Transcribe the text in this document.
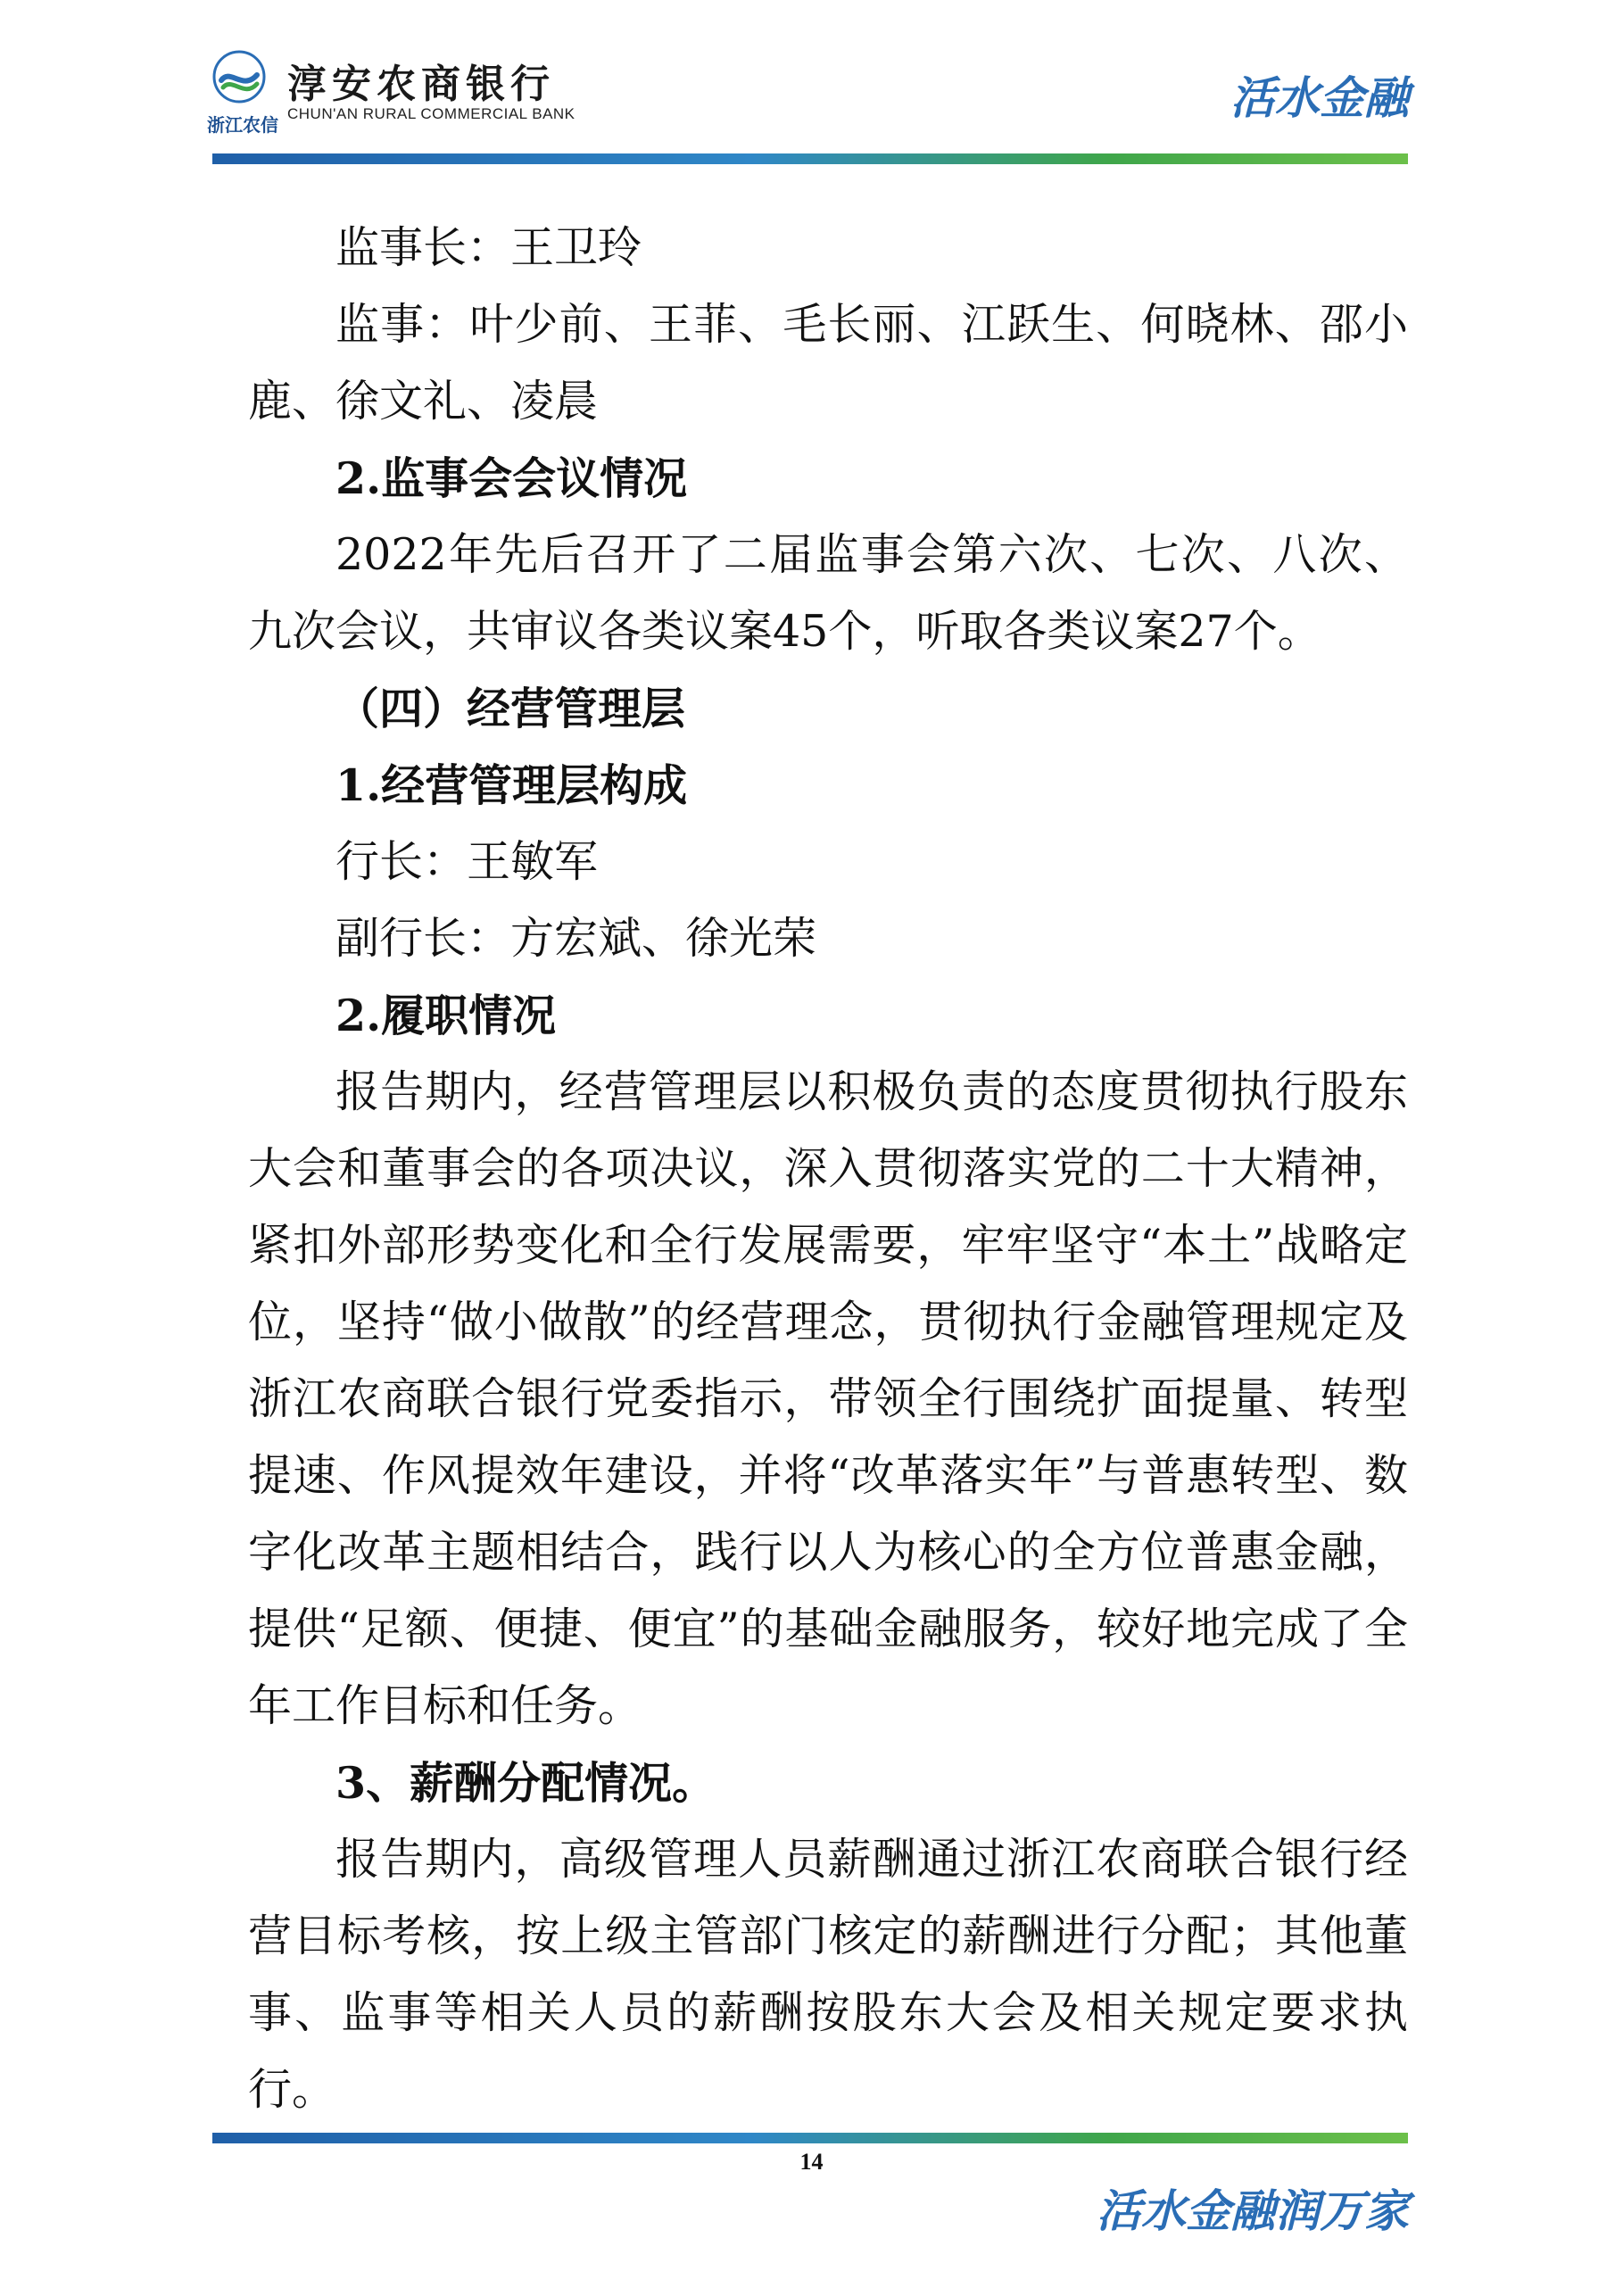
浙江农信
淳安农商银行
CHUN'AN RURAL COMMERCIAL BANK	活水金融

监事长：王卫玲

监事：叶少前、王菲、毛长丽、江跃生、何晓林、邵小鹿、徐文礼、凌晨

2.监事会会议情况

2022年先后召开了二届监事会第六次、七次、八次、九次会议，共审议各类议案45个，听取各类议案27个。

（四）经营管理层

1.经营管理层构成

行长：王敏军

副行长：方宏斌、徐光荣

2.履职情况

报告期内，经营管理层以积极负责的态度贯彻执行股东大会和董事会的各项决议，深入贯彻落实党的二十大精神，紧扣外部形势变化和全行发展需要，牢牢坚守“本土”战略定位，坚持“做小做散”的经营理念，贯彻执行金融管理规定及浙江农商联合银行党委指示，带领全行围绕扩面提量、转型提速、作风提效年建设，并将“改革落实年”与普惠转型、数字化改革主题相结合，践行以人为核心的全方位普惠金融，提供“足额、便捷、便宜”的基础金融服务，较好地完成了全年工作目标和任务。

3、薪酬分配情况。

报告期内，高级管理人员薪酬通过浙江农商联合银行经营目标考核，按上级主管部门核定的薪酬进行分配；其他董事、监事等相关人员的薪酬按股东大会及相关规定要求执行。

14
活水金融润万家
